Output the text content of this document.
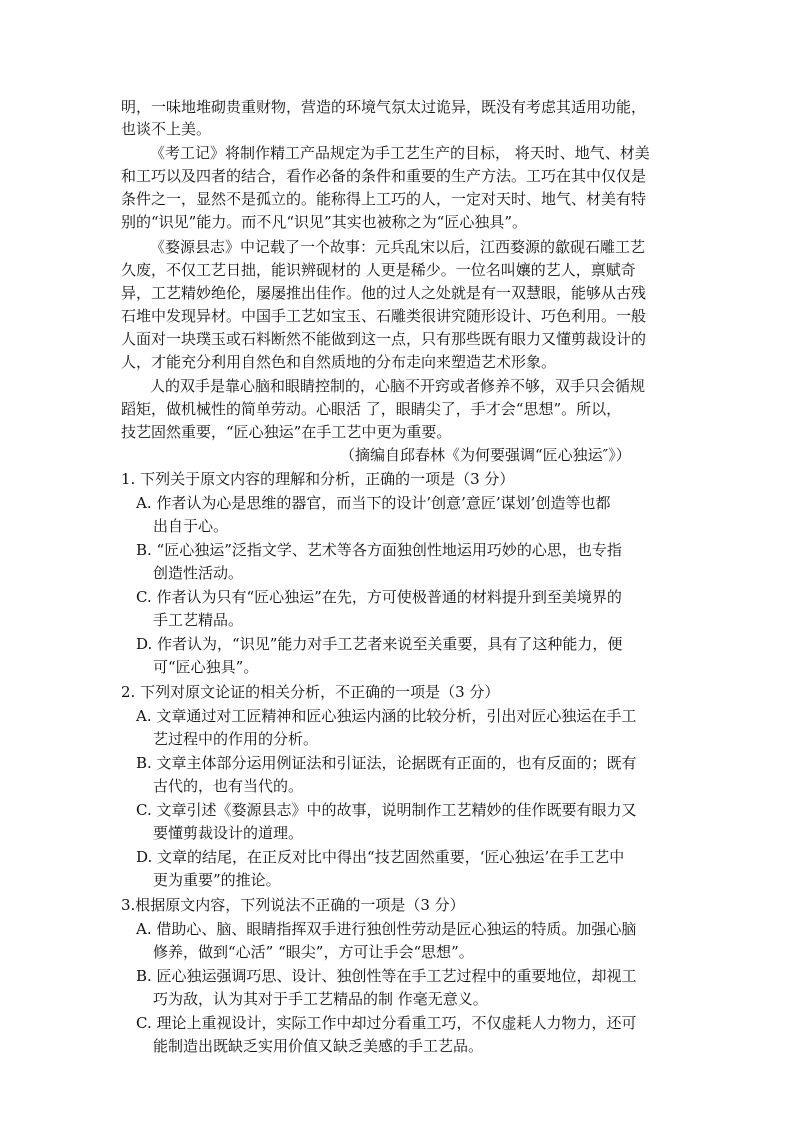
明，一味地堆砌贵重财物，营造的环境气氛太过诡异，既没有考虑其适用功能，
也谈不上美。
《考工记》将制作精工产品规定为手工艺生产的目标， 将天时、地气、材美
和工巧以及四者的结合，看作必备的条件和重要的生产方法。工巧在其中仅仅是
条件之一，显然不是孤立的。能称得上工巧的人，一定对天时、地气、材美有特
别的“识见”能力。而不凡“识见”其实也被称之为“匠心独具”。
《婺源县志》中记载了一个故事：元兵乱宋以后，江西婺源的歙砚石雕工艺
久废，不仅工艺日拙，能识辨砚材的 人更是稀少。一位名叫孃的艺人，禀赋奇
异，工艺精妙绝伦，屡屡推出佳作。他的过人之处就是有一双慧眼，能够从古残
石堆中发现异材。中国手工艺如宝玉、石雕类很讲究随形设计、巧色利用。一般
人面对一块璞玉或石料断然不能做到这一点，只有那些既有眼力又懂剪裁设计的
人，才能充分利用自然色和自然质地的分布走向来塑造艺术形象。
人的双手是靠心脑和眼睛控制的，心脑不开窍或者修养不够，双手只会循规
蹈矩，做机械性的简单劳动。心眼活 了，眼睛尖了，手才会“思想”。所以，
技艺固然重要，“匠心独运”在手工艺中更为重要。
（摘编自邱春林《为何要强调“匠心独运″》）
1. 下列关于原文内容的理解和分析，正确的一项是（3 分）
A. 作者认为心是思维的器官，而当下的设计’创意’意匠’谋划’创造等也都
出自于心。
B. “匠心独运”泛指文学、艺术等各方面独创性地运用巧妙的心思，也专指
创造性活动。
C. 作者认为只有“匠心独运”在先，方可使极普通的材料提升到至美境界的
手工艺精品。
D. 作者认为，“识见”能力对手工艺者来说至关重要，具有了这种能力，便
可“匠心独具”。
2. 下列对原文论证的相关分析，不正确的一项是（3 分）
A. 文章通过对工匠精神和匠心独运内涵的比较分析，引出对匠心独运在手工
艺过程中的作用的分析。
B. 文章主体部分运用例证法和引证法，论据既有正面的，也有反面的；既有
古代的，也有当代的。
C. 文章引述《婺源县志》中的故事，说明制作工艺精妙的佳作既要有眼力又
要懂剪裁设计的道理。
D. 文章的结尾，在正反对比中得出“技艺固然重要，‘匠心独运’在手工艺中
更为重要”的推论。
3.根据原文内容，下列说法不正确的一项是（3 分）
A. 借助心、脑、眼睛指挥双手进行独创性劳动是匠心独运的特质。加强心脑
修养，做到“心活” “眼尖”，方可让手会“思想”。
B. 匠心独运强调巧思、设计、独创性等在手工艺过程中的重要地位，却视工
巧为敌，认为其对于手工艺精品的制 作毫无意义。
C. 理论上重视设计，实际工作中却过分看重工巧，不仅虚耗人力物力，还可
能制造出既缺乏实用价值又缺乏美感的手工艺品。
